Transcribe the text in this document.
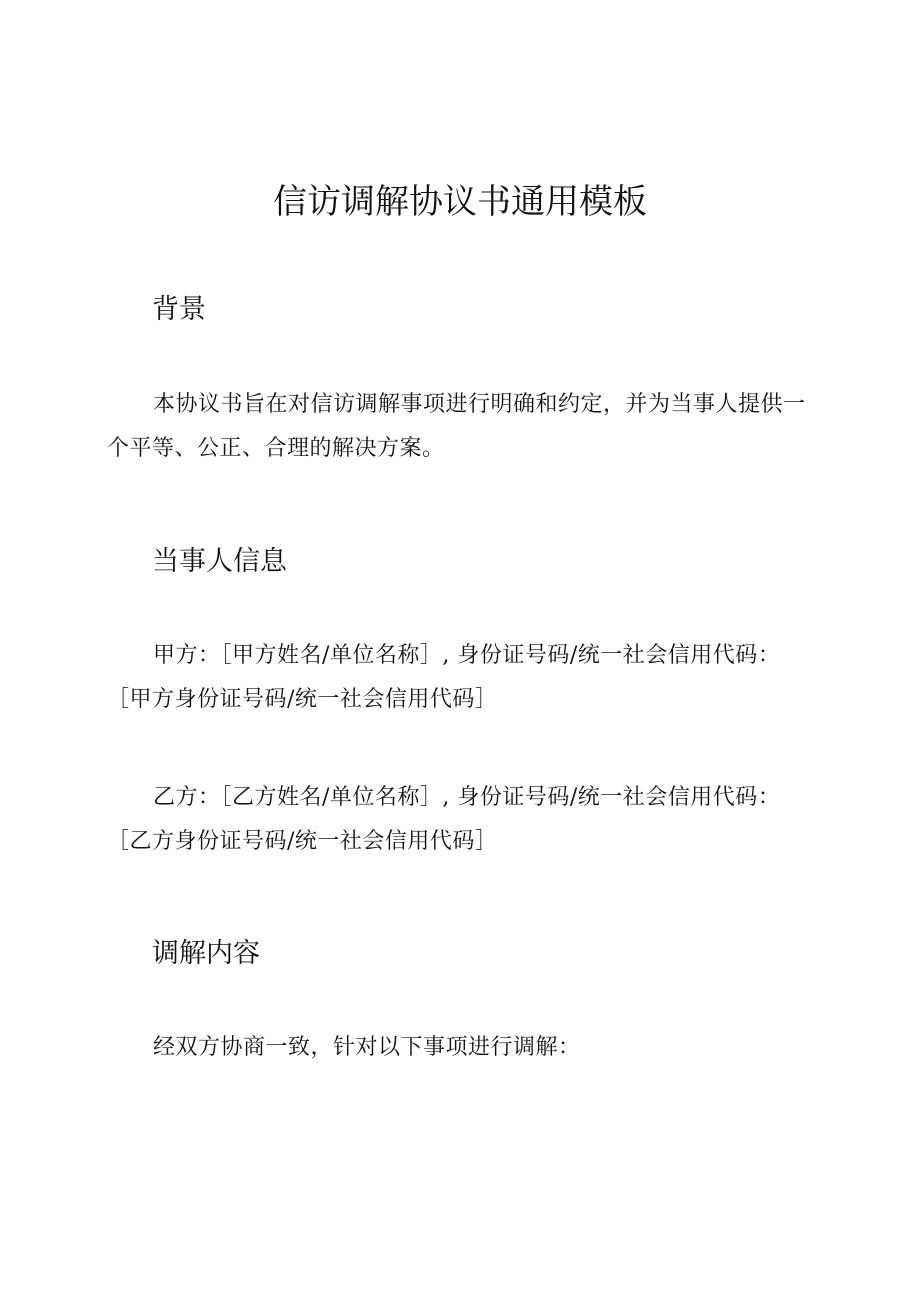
信访调解协议书通用模板
背景

本协议书旨在对信访调解事项进行明确和约定，并为当事人提供一个平等、公正、合理的解决方案。

当事人信息

甲方：［甲方姓名/单位名称］, 身份证号码/统一社会信用代码：［甲方身份证号码/统一社会信用代码］

乙方：［乙方姓名/单位名称］, 身份证号码/统一社会信用代码：［乙方身份证号码/统一社会信用代码］

调解内容

经双方协商一致，针对以下事项进行调解：
